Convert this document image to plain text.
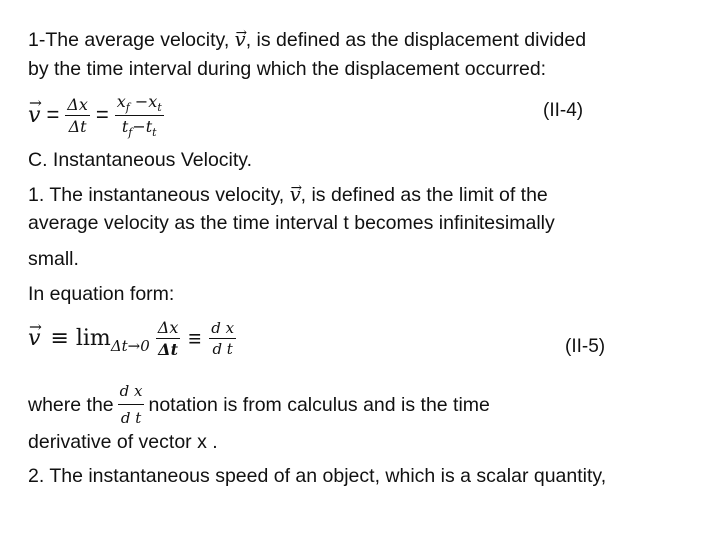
1-The average velocity, → v, is defined as the displacement divided
by the time interval during which the displacement occurred:
→ $v = \frac{\Delta x}{\Delta t} = \frac{x_f -x_t}{t_f-t_t}$	(II-4)
C. Instantaneous Velocity.
1. The instantaneous velocity, → v, is defined as the limit of the
average velocity as the time interval t becomes infinitesimally
small.
In equation form:
→ $v \equiv \lim \Delta t\to 0 \frac{\Delta x}{\Delta t} \equiv \frac{\text{d x}}{\text{d t}}$	(II-5)
where the $\frac{\text{d x}}{\text{d t}}$ notation is from calculus and is the time
derivative of vector x .
2. The instantaneous speed of an object, which is a scalar quantity,
